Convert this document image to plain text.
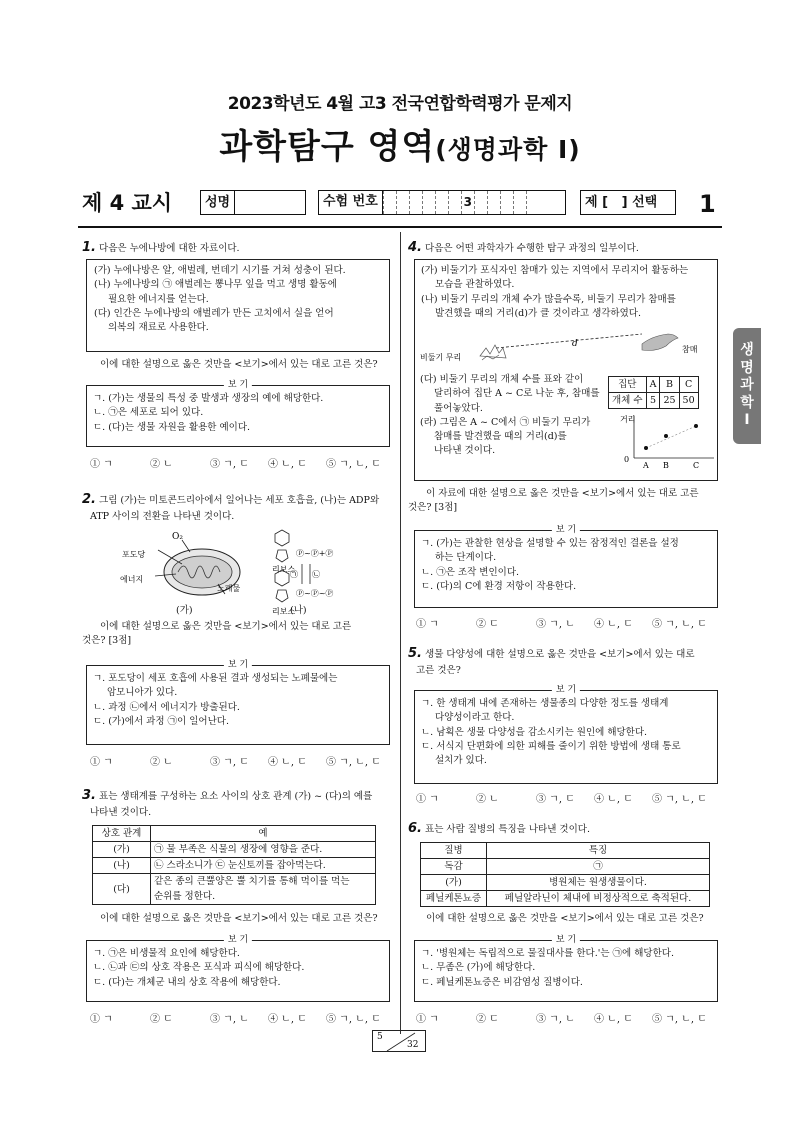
2023학년도 4월 고3 전국연합학력평가 문제지
과학탐구 영역(생명과학 Ⅰ)
제 4 교시	성명	수험 번호	3	제 [   ] 선택 1
생
명
과
학
Ⅰ
1. 다음은 누에나방에 대한 자료이다.
(가) 누에나방은 알, 애벌레, 번데기 시기를 거쳐 성충이 된다.
(나) 누에나방의 ㉠ 애벌레는 뽕나무 잎을 먹고 생명 활동에
필요한 에너지를 얻는다.
(다) 인간은 누에나방의 애벌레가 만든 고치에서 실을 얻어
의복의 재료로 사용한다.
이에 대한 설명으로 옳은 것만을 <보기>에서 있는 대로 고른 것은?
보 기
ㄱ. (가)는 생물의 특성 중 발생과 생장의 예에 해당한다.
ㄴ. ㉠은 세포로 되어 있다.
ㄷ. (다)는 생물 자원을 활용한 예이다.
① ㄱ	② ㄴ	③ ㄱ, ㄷ	④ ㄴ, ㄷ	⑤ ㄱ, ㄴ, ㄷ
2. 그림 (가)는 미토콘드리아에서 일어나는 세포 호흡을, (나)는 ADP와
ATP 사이의 전환을 나타낸 것이다.
O₂
포도당
에너지
노폐물
리보스
Ⓟ~Ⓟ+Ⓟ
리보스
Ⓟ~Ⓟ~Ⓟ
㉠ ㉡
(가)	(나)
이에 대한 설명으로 옳은 것만을 <보기>에서 있는 대로 고른
것은? [3점]
보 기
ㄱ. 포도당이 세포 호흡에 사용된 결과 생성되는 노폐물에는
암모니아가 있다.
ㄴ. 과정 ㉡에서 에너지가 방출된다.
ㄷ. (가)에서 과정 ㉠이 일어난다.
① ㄱ	② ㄴ	③ ㄱ, ㄷ	④ ㄴ, ㄷ	⑤ ㄱ, ㄴ, ㄷ
3. 표는 생태계를 구성하는 요소 사이의 상호 관계 (가) ~ (다)의 예를
나타낸 것이다.
상호 관계	예
(가)	㉠ 물 부족은 식물의 생장에 영향을 준다.
(나)	㉡ 스라소니가 ㉢ 눈신토끼를 잡아먹는다.
(다)	같은 종의 큰뿔양은 뿔 치기를 통해 먹이를 먹는
순위를 정한다.
이에 대한 설명으로 옳은 것만을 <보기>에서 있는 대로 고른 것은?
보 기
ㄱ. ㉠은 비생물적 요인에 해당한다.
ㄴ. ㉡과 ㉢의 상호 작용은 포식과 피식에 해당한다.
ㄷ. (다)는 개체군 내의 상호 작용에 해당한다.
① ㄱ	② ㄷ	③ ㄱ, ㄴ	④ ㄴ, ㄷ	⑤ ㄱ, ㄴ, ㄷ
4. 다음은 어떤 과학자가 수행한 탐구 과정의 일부이다.
(가) 비둘기가 포식자인 참매가 있는 지역에서 무리지어 활동하는
모습을 관찰하였다.
(나) 비둘기 무리의 개체 수가 많을수록, 비둘기 무리가 참매를
발견했을 때의 거리(d)가 클 것이라고 생각하였다.
비둘기 무리
d
참매
(다) 비둘기 무리의 개체 수를 표와 같이
달리하여 집단 A ~ C로 나눈 후, 참매를
풀어놓았다.
(라) 그림은 A ~ C에서 ㉠ 비둘기 무리가
참매를 발견했을 때의 거리(d)를
나타낸 것이다.
집단	A	B	C
개체 수	5	25	50
거리
0
A B	C
이 자료에 대한 설명으로 옳은 것만을 <보기>에서 있는 대로 고른
것은? [3점]
보 기
ㄱ. (가)는 관찰한 현상을 설명할 수 있는 잠정적인 결론을 설정
하는 단계이다.
ㄴ. ㉠은 조작 변인이다.
ㄷ. (다)의 C에 환경 저항이 작용한다.
① ㄱ	② ㄷ	③ ㄱ, ㄴ	④ ㄴ, ㄷ	⑤ ㄱ, ㄴ, ㄷ
5. 생물 다양성에 대한 설명으로 옳은 것만을 <보기>에서 있는 대로
고른 것은?
보 기
ㄱ. 한 생태계 내에 존재하는 생물종의 다양한 정도를 생태계
다양성이라고 한다.
ㄴ. 남획은 생물 다양성을 감소시키는 원인에 해당한다.
ㄷ. 서식지 단편화에 의한 피해를 줄이기 위한 방법에 생태 통로
설치가 있다.
① ㄱ	② ㄴ	③ ㄱ, ㄷ	④ ㄴ, ㄷ	⑤ ㄱ, ㄴ, ㄷ
6. 표는 사람 질병의 특징을 나타낸 것이다.
질병	특징
독감	㉠
(가)	병원체는 원생생물이다.
페닐케톤뇨증	페닐알라닌이 체내에 비정상적으로 축적된다.
이에 대한 설명으로 옳은 것만을 <보기>에서 있는 대로 고른 것은?
보 기
ㄱ. '병원체는 독립적으로 물질대사를 한다.'는 ㉠에 해당한다.
ㄴ. 무좀은 (가)에 해당한다.
ㄷ. 페닐케톤뇨증은 비감염성 질병이다.
① ㄱ	② ㄷ	③ ㄱ, ㄴ	④ ㄴ, ㄷ	⑤ ㄱ, ㄴ, ㄷ
5
32
